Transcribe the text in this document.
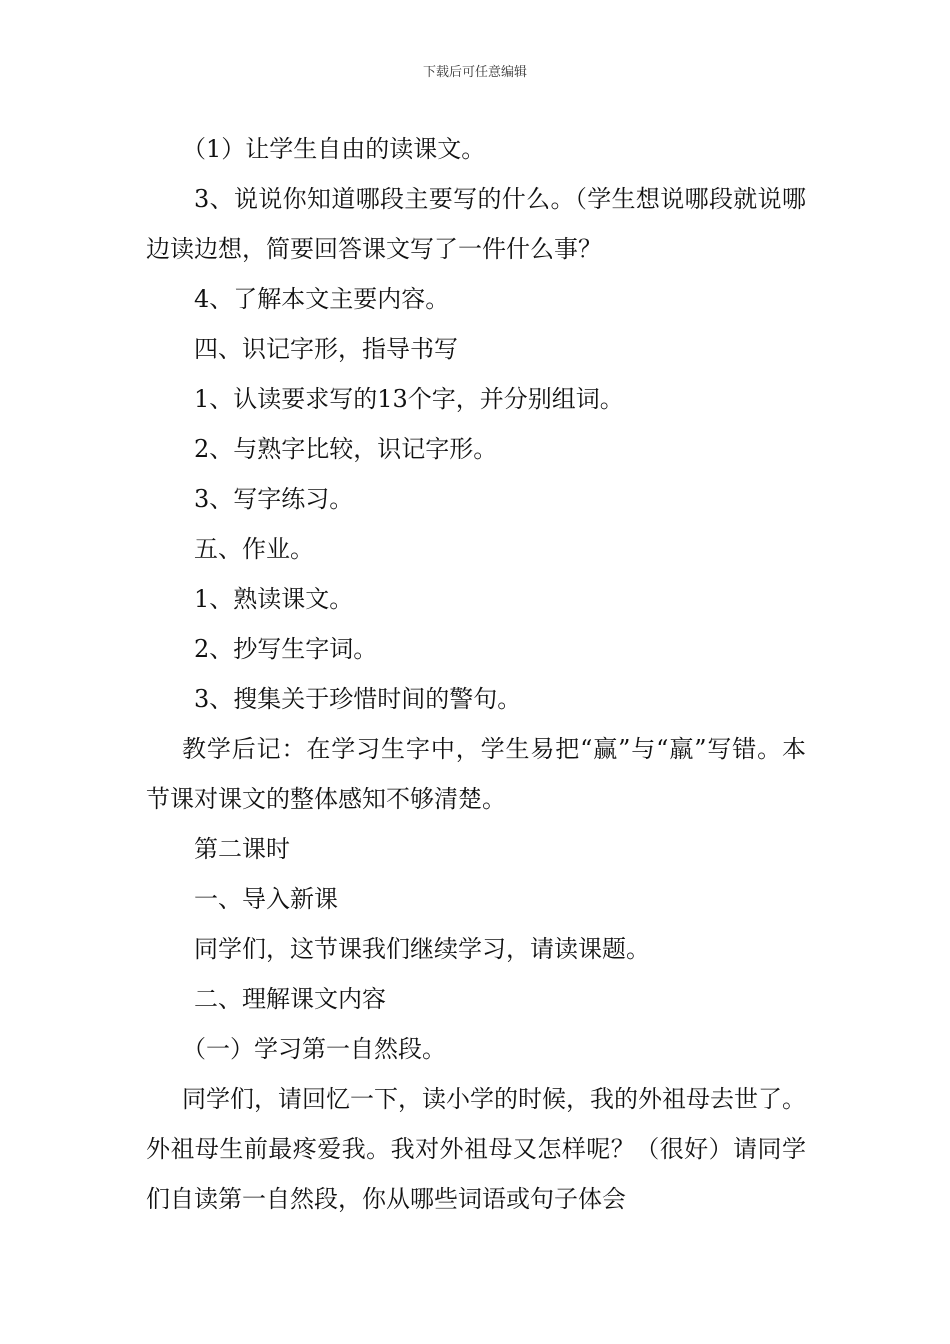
下载后可任意编辑

（1）让学生自由的读课文。

3、说说你知道哪段主要写的什么。（学生想说哪段就说哪边读边想，简要回答课文写了一件什么事？

4、了解本文主要内容。

四、识记字形，指导书写

1、认读要求写的13个字，并分别组词。

2、与熟字比较，识记字形。

3、写字练习。

五、作业。

1、熟读课文。

2、抄写生字词。

3、搜集关于珍惜时间的警句。

教学后记：在学习生字中，学生易把“赢”与“羸”写错。本节课对课文的整体感知不够清楚。

第二课时

一、导入新课

同学们，这节课我们继续学习，请读课题。

二、理解课文内容

（一）学习第一自然段。

同学们，请回忆一下，读小学的时候，我的外祖母去世了。外祖母生前最疼爱我。我对外祖母又怎样呢？（很好）请同学们自读第一自然段，你从哪些词语或句子体会
